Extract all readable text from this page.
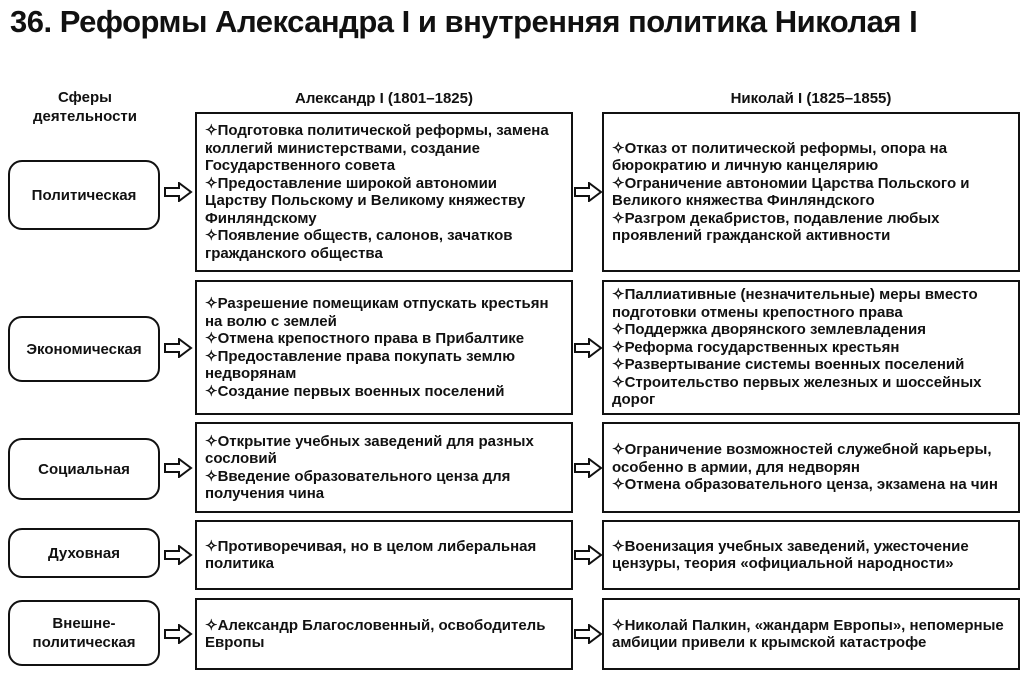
36. Реформы Александра I и внутренняя политика Николая I
Сферы деятельности
Александр I (1801–1825)	Николай I (1825–1855)
Политическая
✧ Подготовка политической реформы, замена коллегий министерствами, создание Государственного совета
✧ Предоставление широкой автономии Царству Польскому и Великому княжеству Финляндскому
✧ Появление обществ, салонов, зачатков гражданского общества
✧ Отказ от политической реформы, опора на бюрократию и личную канцелярию
✧ Ограничение автономии Царства Польского и Великого княжества Финляндского
✧ Разгром декабристов, подавление любых проявлений гражданской активности
Экономическая
✧ Разрешение помещикам отпускать крестьян на волю с землей
✧ Отмена крепостного права в Прибалтике
✧ Предоставление права покупать землю недворянам
✧ Создание первых военных поселений
✧ Паллиативные (незначительные) меры вместо подготовки отмены крепостного права
✧ Поддержка дворянского землевладения
✧ Реформа государственных крестьян
✧ Развертывание системы военных поселений
✧ Строительство первых железных и шоссейных дорог
Социальная
✧ Открытие учебных заведений для разных сословий
✧ Введение образовательного ценза для получения чина
✧ Ограничение возможностей служебной карьеры, особенно в армии, для недворян
✧ Отмена образовательного ценза, экзамена на чин
Духовная	✧ Противоречивая, но в целом либеральная политика
✧ Военизация учебных заведений, ужесточение цензуры, теория «официальной народности»
Внешне-
политическая
✧ Александр Благословенный, освободитель Европы
✧ Николай Палкин, «жандарм Европы», непомерные амбиции привели к крымской катастрофе
